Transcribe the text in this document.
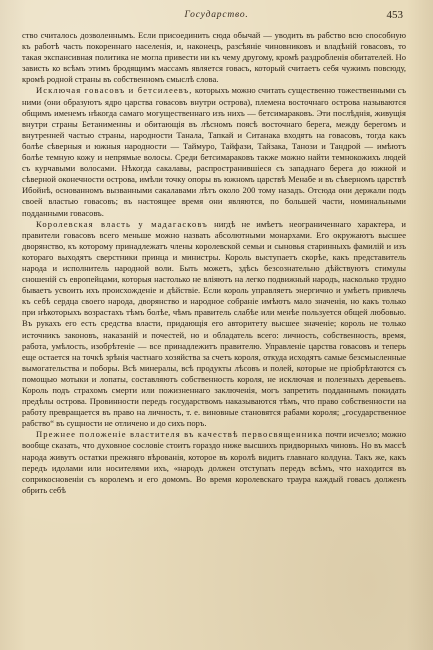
Государство.	453

ство считалось дозволеннымъ. Если присоединить сюда обычай — уводить въ рабство всю способную къ работѣ часть покореннаго населенія, и, наконецъ, разсѣяніе чиновниковъ и владѣній говасовъ, то такая экспансивная политика не могла привести ни къ чему другому, кромѣ раздробленія обитателей. Но зависть ко всѣмъ этимъ бродящимъ массамъ является говасъ, который считаетъ себя чужимъ повсюду, кромѣ родной страны въ собственномъ смыслѣ слова.

Исключая говасовъ и бетсилеевъ, которыхъ можно считать существенно тожественными съ ними (они образуютъ ядро царства говасовъ внутри острова), племена восточнаго острова называются общимъ именемъ нѣкогда самаго могущественнаго изъ нихъ — бетсимараковъ. Эти послѣднія, живущія внутри страны Бетанименны и обитающія въ лѣсномъ поясѣ восточнаго берега, между берегомъ и внутренней частью страны, народности Танала, Тапкай и Ситанака входятъ на говасовъ, тогда какъ болѣе сѣверныя и южныя народности — Таймуро, Тайфази, Тайзака, Танози и Тандрой — имѣютъ болѣе темную кожу и непрямые волосы. Среди бетсимараковъ также можно найти темнокожихъ людей съ курчавыми волосами. Нѣкогда сакалавы, распространившіеся съ западнаго берега до южной и сѣверной оконечности острова, имѣли точку опоры въ южномъ царствѣ Менабе и въ сѣверномъ царствѣ Ибойнѣ, основанномъ вызванными сакалавами лѣтъ около 200 тому назадъ. Отсюда они держали подъ своей властью говасовъ; въ настоящее время они являются, по большей части, номинальными подданными говасовъ.

Королевская власть у мадагасковъ нигдѣ не имѣетъ неограниченнаго характера, и правители говасовъ всего меньше можно назвать абсолютными монархами. Его окружаютъ высшее дворянство, къ которому принадлежатъ члены королевской семьи и сыновья старинныхъ фамилій и изъ котораго выходятъ сверстники принца и министры. Король выступаетъ скорѣе, какъ представитель народа и исполнитель народной воли. Быть можетъ, здѣсь безсознательно дѣйствуютъ стимулы сношеній съ европейцами, которыя настолько не вліяютъ на легко подвижный народъ, насколько трудно бываетъ усвоить ихъ происхожденіе и дѣйствіе. Если король управляетъ энергично и умѣетъ привлечь къ себѣ сердца своего народа, дворянство и народное собраніе имѣютъ мало значенія, но какъ только при нѣкоторыхъ возрастахъ тѣмъ болѣе, чѣмъ правитель слабѣе или менѣе пользуется общей любовью. Въ рукахъ его есть средства власти, придающія его авторитету высшее значеніе; король не только источникъ законовъ, наказаній и почестей, но и обладатель всего: личность, собственность, время, работа, умѣлость, изобрѣтеніе — все принадлежитъ правителю. Управленіе царства говасовъ и теперь еще остается на точкѣ зрѣнія частнаго хозяйства за счетъ короля, откуда исходятъ самые безсмысленные вымогательства и поборы. Всѣ минералы, всѣ продукты лѣсовъ и полей, которые не пріобрѣтаются съ помощью мотыки и лопаты, составляютъ собственность короля, не исключая и полезныхъ деревьевъ. Король подъ страхомъ смерти или пожизненнаго заключенія, могъ запретить подданнымъ покидать предѣлы острова. Провинности передъ государствомъ наказываются тѣмъ, что право собственности на работу превращается въ право на личность, т. е. виновные становятся рабами короля; „государственное рабство“ въ сущности не отличено и до сихъ поръ.

Прежнее положеніе властителя въ качествѣ первосвященника почти исчезло; можно вообще сказать, что духовное сословіе стоитъ гораздо ниже высшихъ придворныхъ чиновъ. Но въ массѣ народа живутъ остатки прежняго вѣрованія, которое въ королѣ видитъ главнаго колдуна. Такъ же, какъ передъ идолами или носителями ихъ, «народъ должен отступать передъ всѣмъ, что находится въ соприкосновеніи съ королемъ и его домомъ. Во время королевскаго траура каждый говасъ долженъ обрить себѣ
